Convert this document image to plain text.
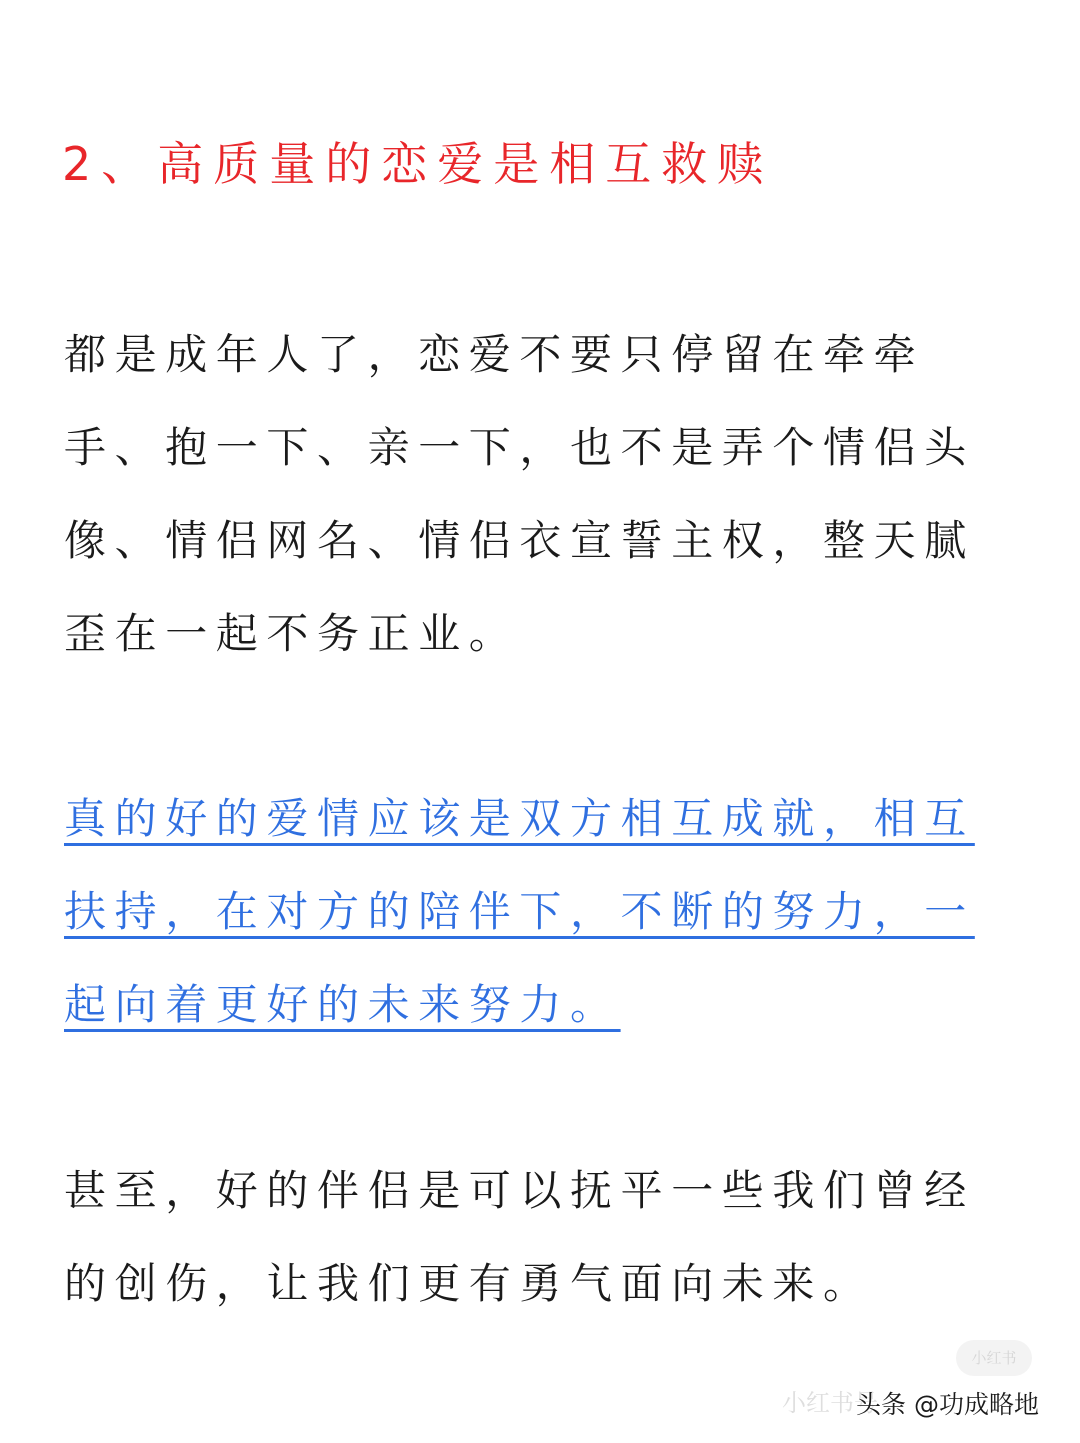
2、高质量的恋爱是相互救赎

都是成年人了，恋爱不要只停留在牵牵手、抱一下、亲一下，也不是弄个情侣头像、情侣网名、情侣衣宣誓主权，整天腻歪在一起不务正业。

真的好的爱情应该是双方相互成就，相互扶持，在对方的陪伴下，不断的努力，一起向着更好的未来努力。

甚至，好的伴侣是可以抚平一些我们曾经的创伤，让我们更有勇气面向未来。

小红书
小红书号
头条 @功成略地
